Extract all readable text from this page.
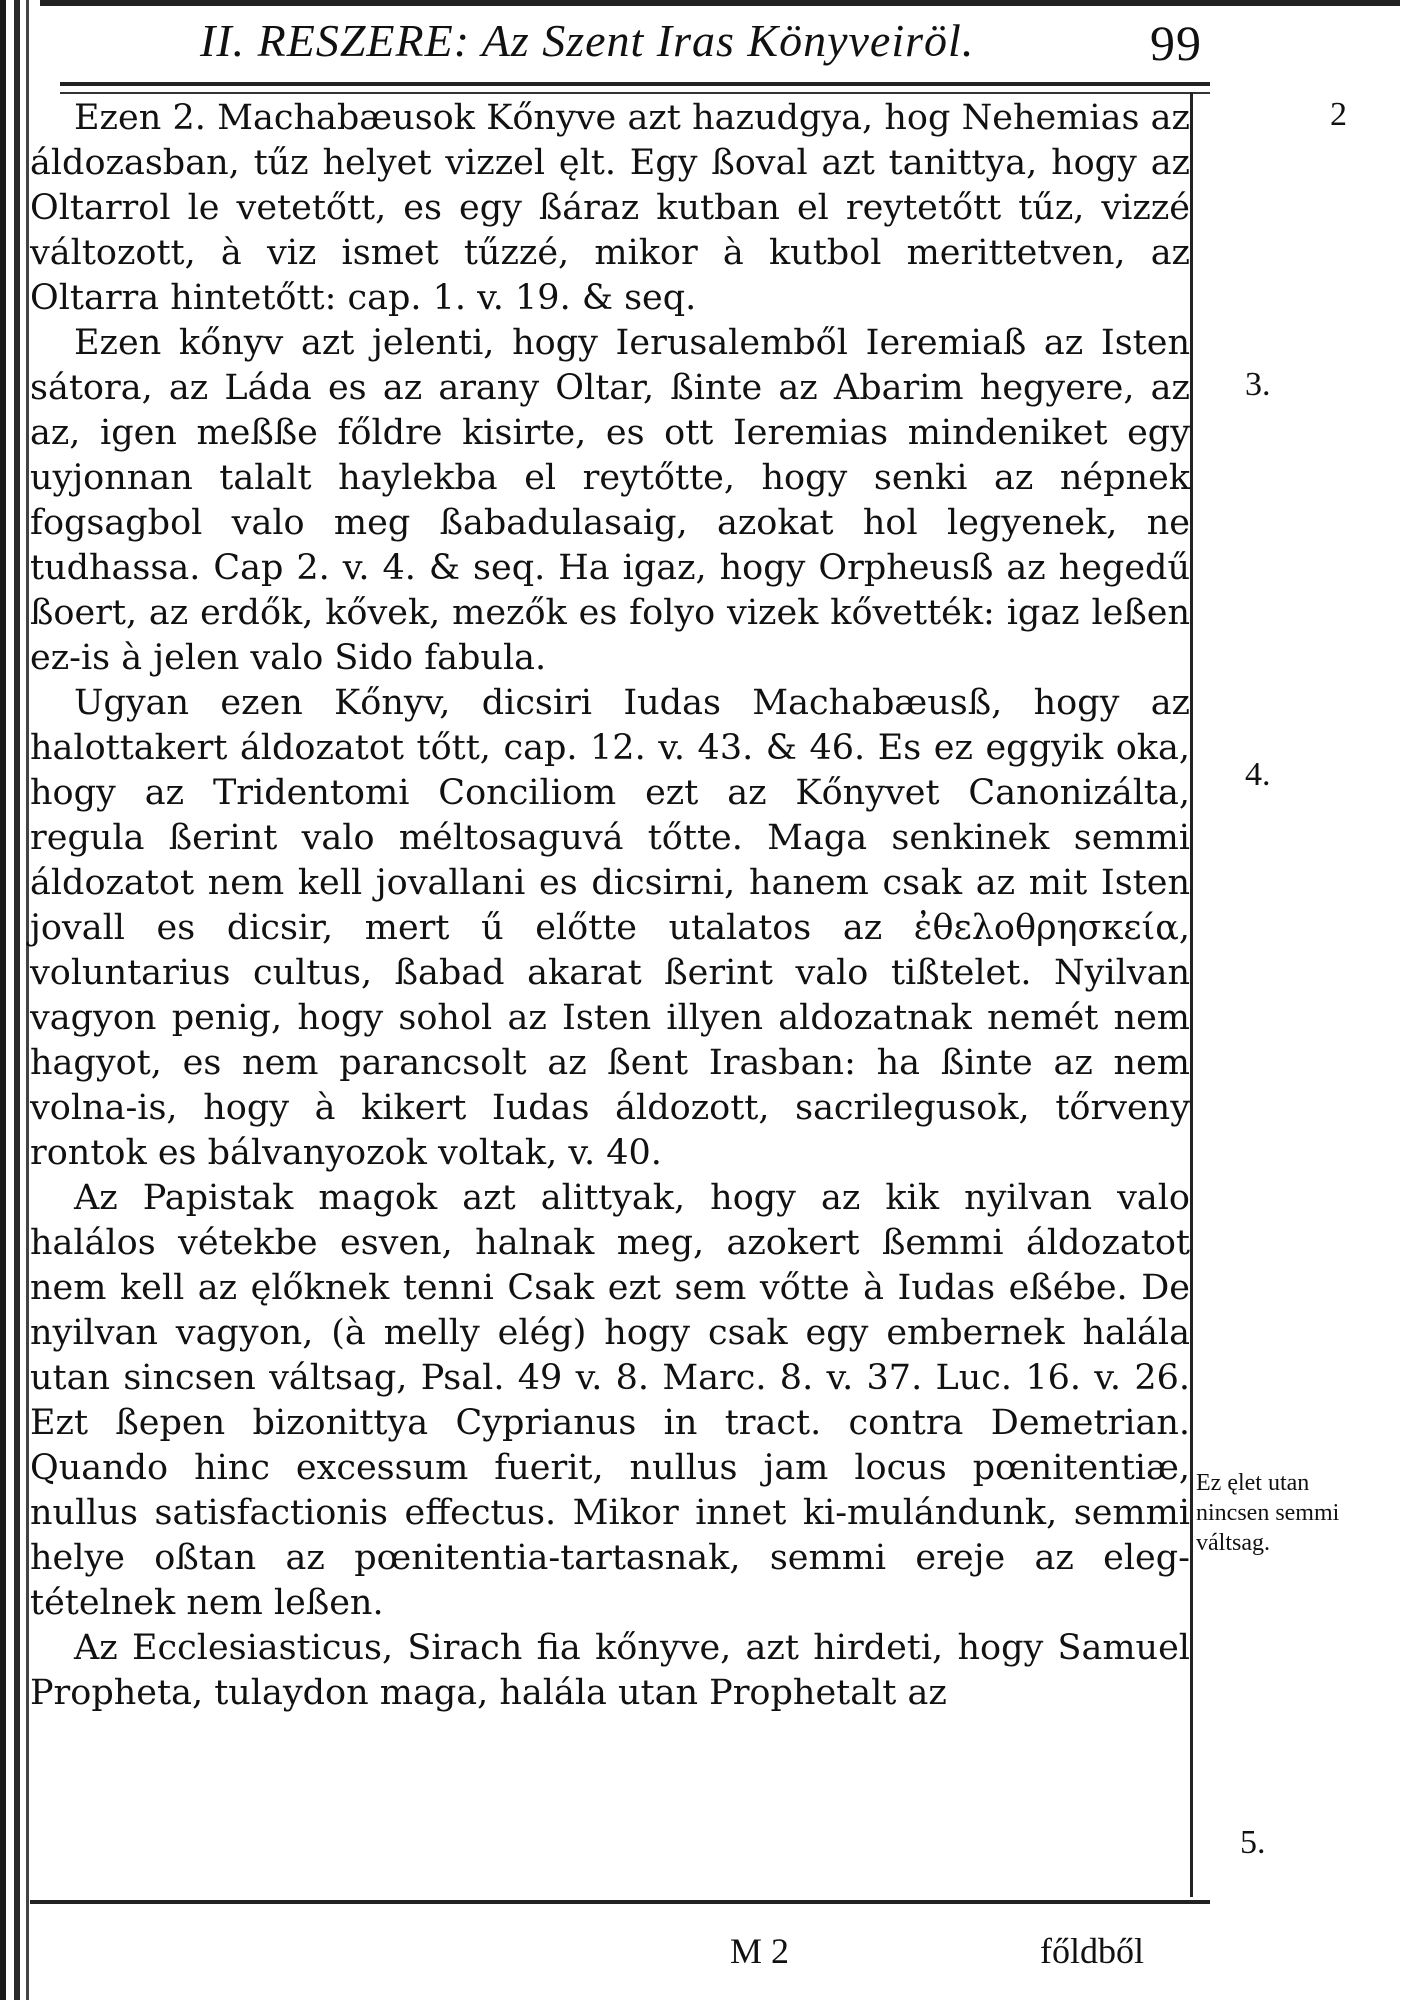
II. RESZERE: Az Szent Iras Könyveiröl.	99

Ezen 2. Machabæusok Kőnyve azt hazudgya, hog Nehemias az áldozasban, tűz helyet vizzel ęlt. Egy ßoval azt tanittya, hogy az Oltarrol le vetetőtt, es egy ßáraz kutban el reytetőtt tűz, vizzé változott, à viz ismet tűzzé, mikor à kutbol merittetven, az Oltarra hintetőtt: cap. 1. v. 19. & seq.

Ezen kőnyv azt jelenti, hogy Ierusalemből Ieremiaß az Isten sátora, az Láda es az arany Oltar, ßinte az Abarim hegyere, az az, igen meßße főldre kisirte, es ott Ieremias mindeniket egy uyjonnan talalt haylekba el reytőtte, hogy senki az népnek fogsagbol valo meg ßabadulasaig, azokat hol legyenek, ne tudhassa. Cap 2. v. 4. & seq. Ha igaz, hogy Orpheusß az hegedű ßoert, az erdők, kővek, mezők es folyo vizek kővették: igaz leßen ez-is à jelen valo Sido fabula.

Ugyan ezen Kőnyv, dicsiri Iudas Machabæusß, hogy az halottakert áldozatot tőtt, cap. 12. v. 43. & 46. Es ez eggyik oka, hogy az Tridentomi Conciliom ezt az Kőnyvet Canonizálta, regula ßerint valo méltosaguvá tőtte. Maga senkinek semmi áldozatot nem kell jovallani es dicsirni, hanem csak az mit Isten jovall es dicsir, mert ű előtte utalatos az ἐθελοθρησκεία, voluntarius cultus, ßabad akarat ßerint valo tißtelet. Nyilvan vagyon penig, hogy sohol az Isten illyen aldozatnak nemét nem hagyot, es nem parancsolt az ßent Irasban: ha ßinte az nem volna-is, hogy à kikert Iudas áldozott, sacrilegusok, tőrveny rontok es bálvanyozok voltak, v. 40.

Az Papistak magok azt alittyak, hogy az kik nyilvan valo halálos vétekbe esven, halnak meg, azokert ßemmi áldozatot nem kell az ęlőknek tenni Csak ezt sem vőtte à Iudas eßébe. De nyilvan vagyon, (à melly elég) hogy csak egy embernek halála utan sincsen váltsag, Psal. 49 v. 8. Marc. 8. v. 37. Luc. 16. v. 26. Ezt ßepen bizonittya Cyprianus in tract. contra Demetrian. Quando hinc excessum fuerit, nullus jam locus pœnitentiæ, nullus satisfactionis effectus. Mikor innet ki-mulándunk, semmi helye oßtan az pœnitentia-tartasnak, semmi ereje az eleg-tételnek nem leßen.

Az Ecclesiasticus, Sirach fia kőnyve, azt hirdeti, hogy Samuel Propheta, tulaydon maga, halála utan Prophetalt az

2
3.
4.
Ez ęlet utan nincsen semmi váltsag.
5.
M 2	főldből
